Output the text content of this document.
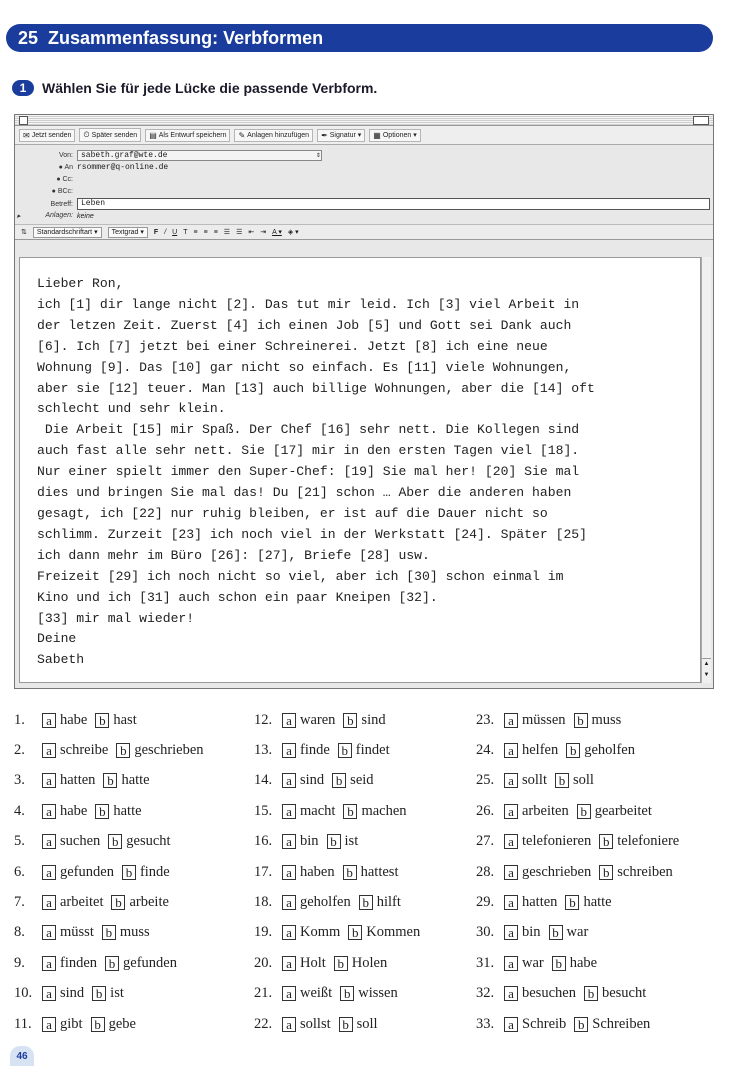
25 Zusammenfassung: Verbformen
1	Wählen Sie für jede Lücke die passende Verbform.
✉ Jetzt senden ⏲ Später senden ▤ Als Entwurf speichern ✎ Anlagen hinzufügen ✒ Signatur ▾ ▦ Optionen ▾
Von:	sabeth.graf@wte.de	⇕
● An rsommer@q-online.de
● Cc:
● BCc:
Betreff:	Leben
▸	Anlagen: keine
⇅	Standardschriftart ▾	Textgrad ▾	F / U T ≡ ≡ ≡ ☰ ☰ ⇤ ⇥ A ▾ ◈ ▾
Lieber Ron,
ich [1] dir lange nicht [2]. Das tut mir leid. Ich [3] viel Arbeit in
der letzen Zeit. Zuerst [4] ich einen Job [5] und Gott sei Dank auch
[6]. Ich [7] jetzt bei einer Schreinerei. Jetzt [8] ich eine neue
Wohnung [9]. Das [10] gar nicht so einfach. Es [11] viele Wohnungen,
aber sie [12] teuer. Man [13] auch billige Wohnungen, aber die [14] oft
schlecht und sehr klein.
Die Arbeit [15] mir Spaß. Der Chef [16] sehr nett. Die Kollegen sind
auch fast alle sehr nett. Sie [17] mir in den ersten Tagen viel [18].
Nur einer spielt immer den Super-Chef: [19] Sie mal her! [20] Sie mal
dies und bringen Sie mal das! Du [21] schon … Aber die anderen haben
gesagt, ich [22] nur ruhig bleiben, er ist auf die Dauer nicht so
schlimm. Zurzeit [23] ich noch viel in der Werkstatt [24]. Später [25]
ich dann mehr im Büro [26]: [27], Briefe [28] usw.
Freizeit [29] ich noch nicht so viel, aber ich [30] schon einmal im
Kino und ich [31] auch schon ein paar Kneipen [32].
[33] mir mal wieder!
Deine
Sabeth	▲
▼
1.	a habe b hast
2.	a schreibe b geschrieben
3.	a hatten b hatte
4.	a habe b hatte
5.	a suchen b gesucht
6.	a gefunden b finde
7.	a arbeitet b arbeite
8.	a müsst b muss
9.	a finden b gefunden
10.	a sind b ist
11.	a gibt b gebe
12.	a waren b sind
13.	a finde b findet
14.	a sind b seid
15.	a macht b machen
16.	a bin b ist
17.	a haben b hattest
18.	a geholfen b hilft
19.	a Komm b Kommen
20.	a Holt b Holen
21.	a weißt b wissen
22.	a sollst b soll
23.	a müssen b muss
24.	a helfen b geholfen
25.	a sollt b soll
26.	a arbeiten b gearbeitet
27.	a telefonieren b telefoniere
28.	a geschrieben b schreiben
29.	a hatten b hatte
30.	a bin b war
31.	a war b habe
32.	a besuchen b besucht
33.	a Schreib b Schreiben
46
